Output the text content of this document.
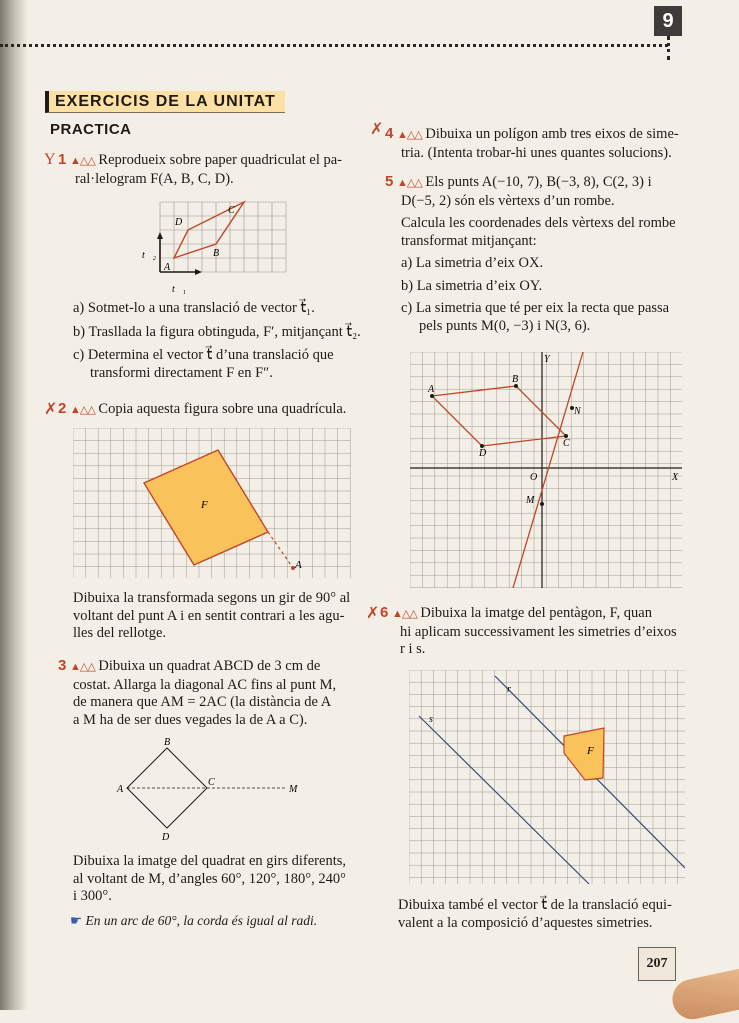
9
EXERCICIS DE LA UNITAT
PRACTICA
Y 1 ▲△△ Reprodueix sobre paper quadriculat el pa-
ral·lelogram F(A, B, C, D).
A
B
C
D
t⃗₂
t⃗₁
a) Sotmet-lo a una translació de vector t⃗₁.
b) Trasllada la figura obtinguda, F′, mitjançant t⃗₂.
c) Determina el vector t⃗ d’una translació que
transformi directament F en F″.
✗ 2 ▲△△ Copia aquesta figura sobre una quadrícula.
F
A
Dibuixa la transformada segons un gir de 90° al
voltant del punt A i en sentit contrari a les agu-
lles del rellotge.
3 ▲△△ Dibuixa un quadrat ABCD de 3 cm de
costat. Allarga la diagonal AC fins al punt M,
de manera que AM = 2AC (la distància de A
a M ha de ser dues vegades la de A a C).
B
A
C
D
M
Dibuixa la imatge del quadrat en girs diferents,
al voltant de M, d’angles 60°, 120°, 180°, 240°
i 300°.
☛ En un arc de 60°, la corda és igual al radi.
✗ 4 ▲△△ Dibuixa un polígon amb tres eixos de sime-
tria. (Intenta trobar-hi unes quantes solucions).
5 ▲△△ Els punts A(−10, 7), B(−3, 8), C(2, 3) i
D(−5, 2) són els vèrtexs d’un rombe.
Calcula les coordenades dels vèrtexs del rombe
transformat mitjançant:
a) La simetria d’eix OX.
b) La simetria d’eix OY.
c) La simetria que té per eix la recta que passa
pels punts M(0, −3) i N(3, 6).
A
B
C
D
N
M
O	X
Y
✗ 6 ▲△△ Dibuixa la imatge del pentàgon, F, quan
hi aplicam successivament les simetries d’eixos
r i s.
r
s
F
Dibuixa també el vector t⃗ de la translació equi-
valent a la composició d’aquestes simetries.
207
